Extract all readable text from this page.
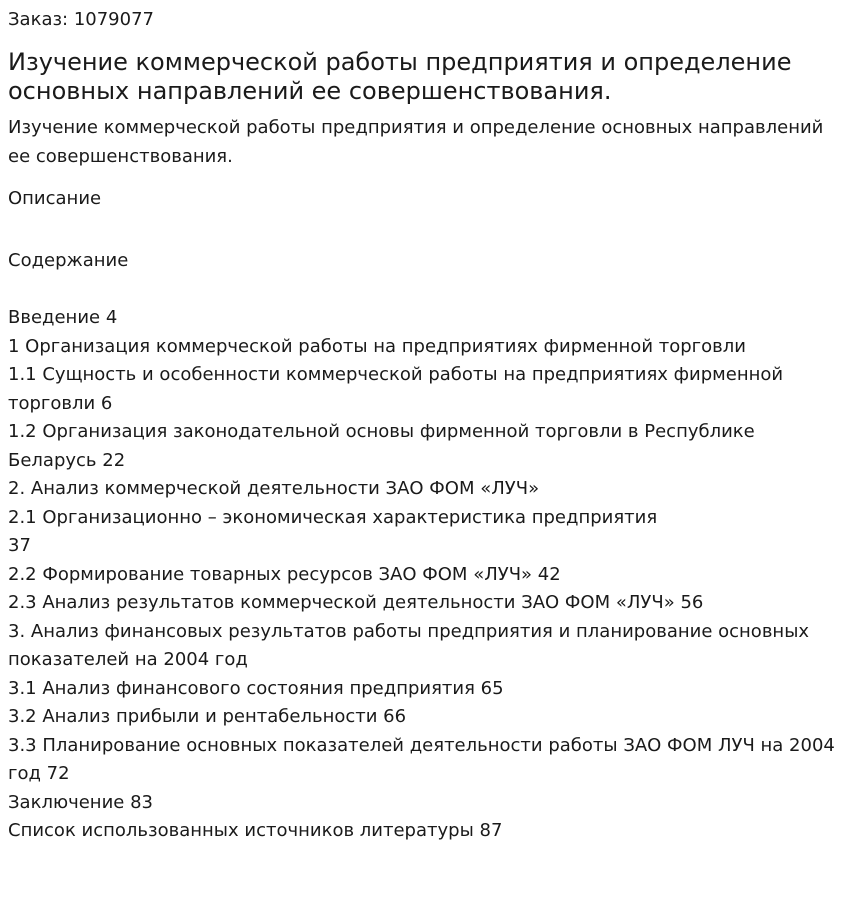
Заказ: 1079077
Изучение коммерческой работы предприятия и определение основных направлений ее совершенствования.

Изучение коммерческой работы предприятия и определение основных направлений ее совершенствования.

Описание
Содержание
Введение 4
1 Организация коммерческой работы на предприятиях фирменной торговли
1.1 Сущность и особенности коммерческой работы на предприятиях фирменной торговли 6
1.2 Организация законодательной основы фирменной торговли в Республике Беларусь 22
2. Анализ коммерческой деятельности ЗАО ФОМ «ЛУЧ»
2.1 Организационно – экономическая характеристика предприятия
37
2.2 Формирование товарных ресурсов ЗАО ФОМ «ЛУЧ» 42
2.3 Анализ результатов коммерческой деятельности ЗАО ФОМ «ЛУЧ» 56
3. Анализ финансовых результатов работы предприятия и планирование основных показателей на 2004 год
3.1 Анализ финансового состояния предприятия 65
3.2 Анализ прибыли и рентабельности 66
3.3 Планирование основных показателей деятельности работы ЗАО ФОМ ЛУЧ на 2004 год 72
Заключение 83
Список использованных источников литературы 87
